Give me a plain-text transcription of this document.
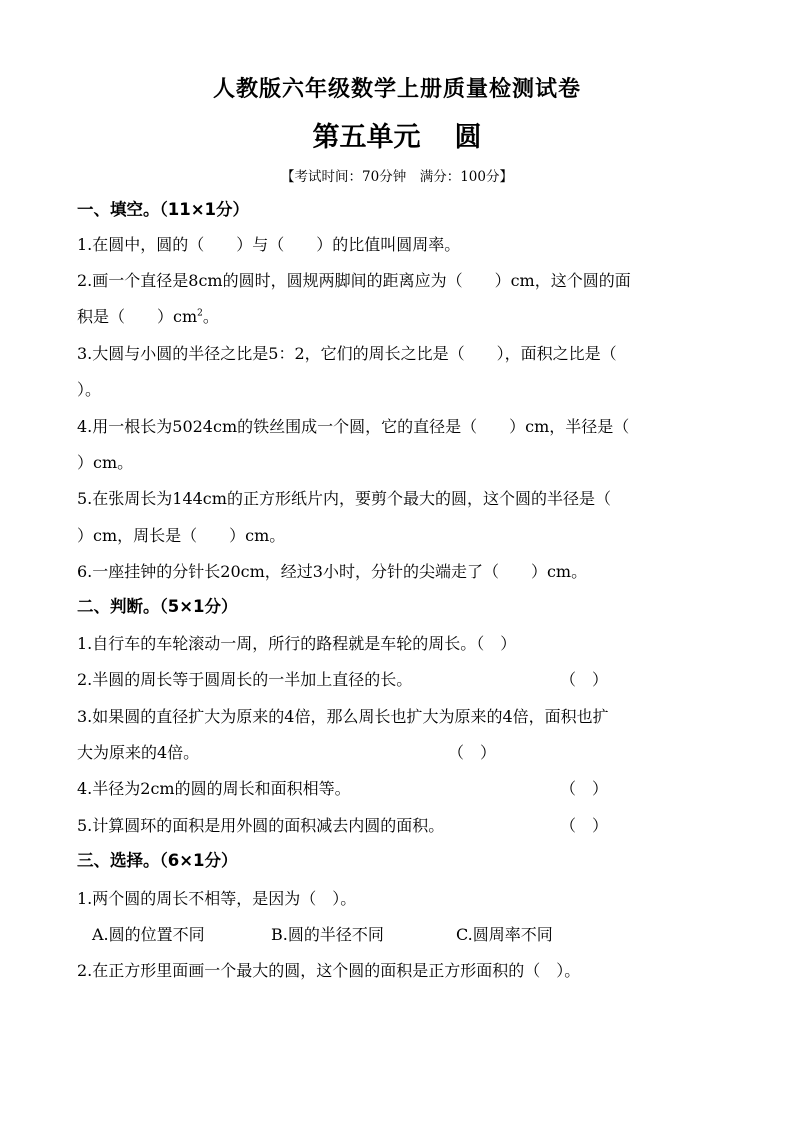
人教版六年级数学上册质量检测试卷
第五单元 圆
【考试时间：70分钟　满分：100分】
一、填空。（11×1分）
1.在圆中，圆的（　　）与（　　）的比值叫圆周率。
2.画一个直径是8cm的圆时，圆规两脚间的距离应为（　　）cm，这个圆的面
积是（　　）$cm^2$。
3.大圆与小圆的半径之比是5：2，它们的周长之比是（　　），面积之比是（
）。
4.用一根长为5024cm的铁丝围成一个圆，它的直径是（　　）cm，半径是（
）cm。
5.在张周长为144cm的正方形纸片内，要剪个最大的圆，这个圆的半径是（
）cm，周长是（　　）cm。
6.一座挂钟的分针长20cm，经过3小时，分针的尖端走了（　　）cm。
二、判断。（5×1分）
1.自行车的车轮滚动一周，所行的路程就是车轮的周长。（　）
2.半圆的周长等于圆周长的一半加上直径的长。	（　）
3.如果圆的直径扩大为原来的4倍，那么周长也扩大为原来的4倍，面积也扩
大为原来的4倍。	（　）
4.半径为2cm的圆的周长和面积相等。	（　）
5.计算圆环的面积是用外圆的面积减去内圆的面积。	（　）
三、选择。（6×1分）
1.两个圆的周长不相等，是因为（　）。
A.圆的位置不同	B.圆的半径不同	C.圆周率不同
2.在正方形里面画一个最大的圆，这个圆的面积是正方形面积的（　）。
